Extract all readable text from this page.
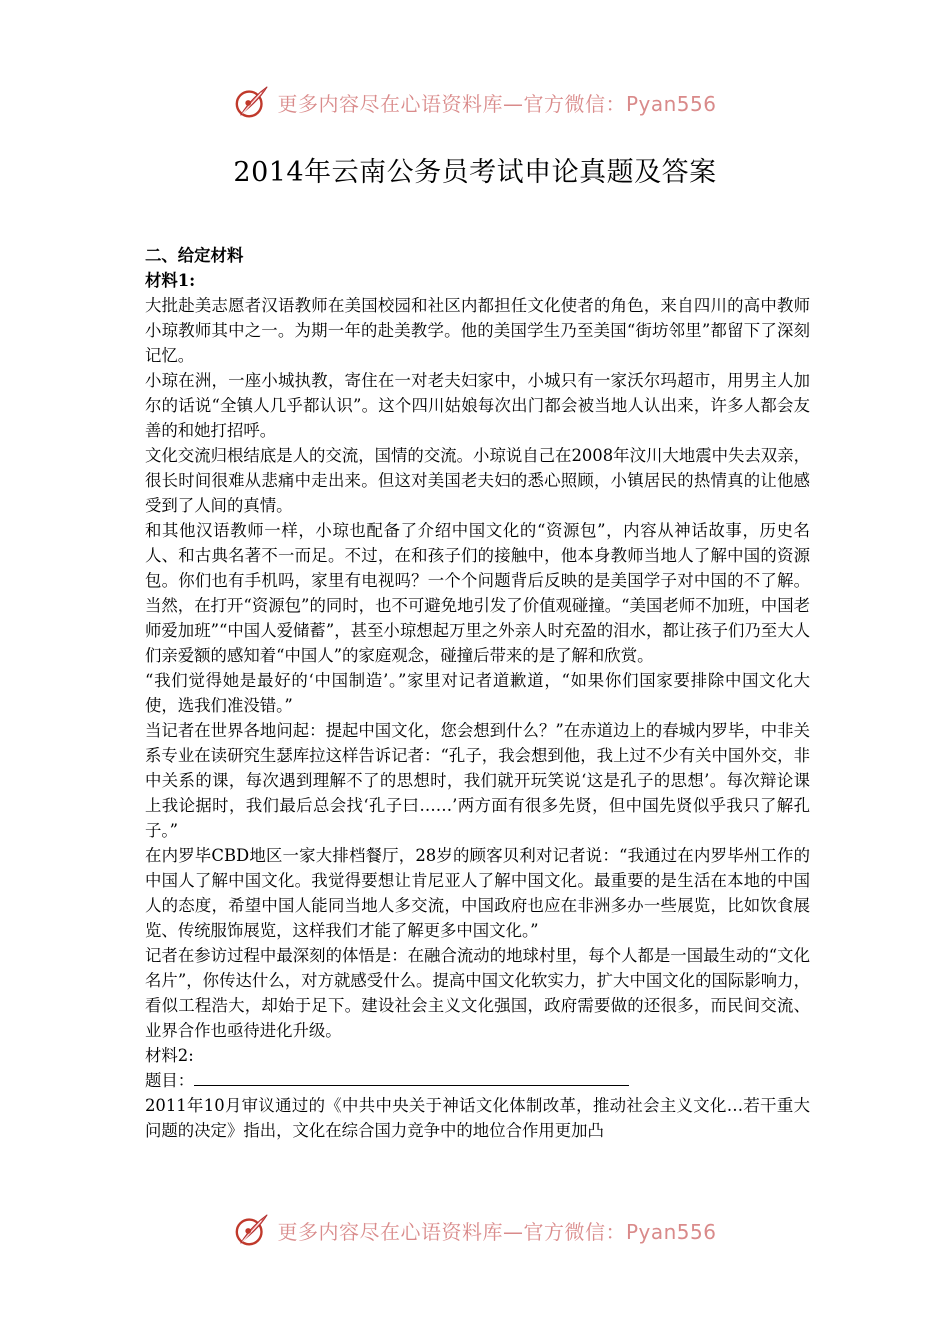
更多内容尽在心语资料库—官方微信：Pyan556
2014年云南公务员考试申论真题及答案

二、给定材料

材料1:

大批赴美志愿者汉语教师在美国校园和社区内都担任文化使者的角色，来自四川的高中教师小琼教师其中之一。为期一年的赴美教学。他的美国学生乃至美国“街坊邻里”都留下了深刻记忆。

小琼在洲，一座小城执教，寄住在一对老夫妇家中，小城只有一家沃尔玛超市，用男主人加尔的话说“全镇人几乎都认识”。这个四川姑娘每次出门都会被当地人认出来，许多人都会友善的和她打招呼。

文化交流归根结底是人的交流，国情的交流。小琼说自己在2008年汶川大地震中失去双亲，很长时间很难从悲痛中走出来。但这对美国老夫妇的悉心照顾，小镇居民的热情真的让他感受到了人间的真情。

和其他汉语教师一样，小琼也配备了介绍中国文化的“资源包”，内容从神话故事，历史名人、和古典名著不一而足。不过，在和孩子们的接触中，他本身教师当地人了解中国的资源包。你们也有手机吗，家里有电视吗？一个个问题背后反映的是美国学子对中国的不了解。当然，在打开“资源包”的同时，也不可避免地引发了价值观碰撞。“美国老师不加班，中国老师爱加班”“中国人爱储蓄”，甚至小琼想起万里之外亲人时充盈的泪水，都让孩子们乃至大人们亲爱额的感知着“中国人”的家庭观念，碰撞后带来的是了解和欣赏。

“我们觉得她是最好的‘中国制造’。”家里对记者道歉道，“如果你们国家要排除中国文化大使，选我们准没错。”

当记者在世界各地问起：提起中国文化，您会想到什么？”在赤道边上的春城内罗毕，中非关系专业在读研究生瑟库拉这样告诉记者：“孔子，我会想到他，我上过不少有关中国外交，非中关系的课，每次遇到理解不了的思想时，我们就开玩笑说‘这是孔子的思想’。每次辩论课上我论据时，我们最后总会找‘孔子曰……’两方面有很多先贤，但中国先贤似乎我只了解孔子。”

在内罗毕CBD地区一家大排档餐厅，28岁的顾客贝利对记者说：“我通过在内罗毕州工作的中国人了解中国文化。我觉得要想让肯尼亚人了解中国文化。最重要的是生活在本地的中国人的态度，希望中国人能同当地人多交流，中国政府也应在非洲多办一些展览，比如饮食展览、传统服饰展览，这样我们才能了解更多中国文化。”

记者在参访过程中最深刻的体悟是：在融合流动的地球村里，每个人都是一国最生动的“文化名片”，你传达什么，对方就感受什么。提高中国文化软实力，扩大中国文化的国际影响力，看似工程浩大，却始于足下。建设社会主义文化强国，政府需要做的还很多，而民间交流、业界合作也亟待进化升级。

材料2:

题目：

2011年10月审议通过的《中共中央关于神话文化体制改革，推动社会主义文化…若干重大问题的决定》指出，文化在综合国力竞争中的地位合作用更加凸

更多内容尽在心语资料库—官方微信：Pyan556
